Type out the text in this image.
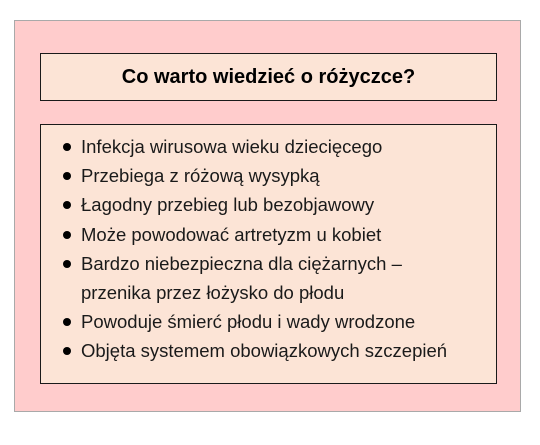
Co warto wiedzieć o różyczce?
Infekcja wirusowa wieku dziecięcego
Przebiega z różową wysypką
Łagodny przebieg lub bezobjawowy
Może powodować artretyzm u kobiet
Bardzo niebezpieczna dla ciężarnych –
przenika przez łożysko do płodu
Powoduje śmierć płodu i wady wrodzone
Objęta systemem obowiązkowych szczepień
